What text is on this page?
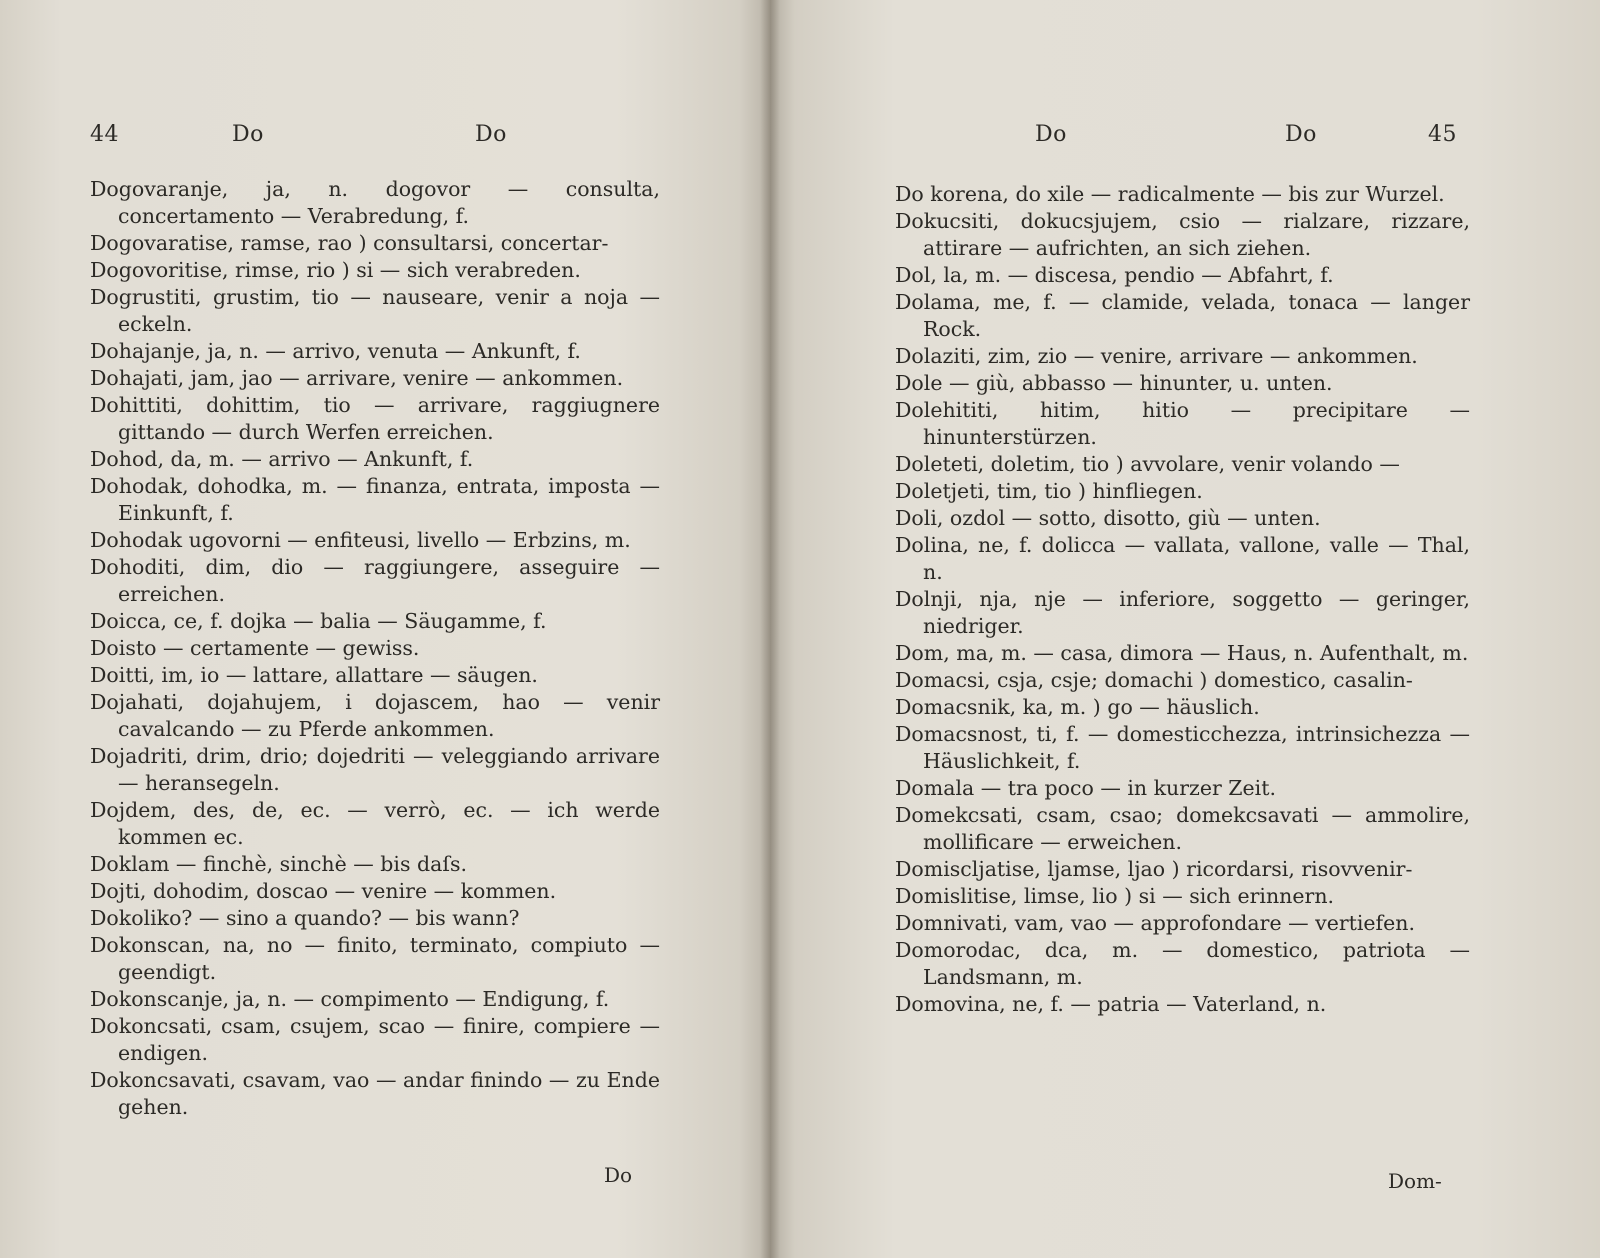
44	Do	Do
Dogovaranje, ja, n. dogovor — consulta, concertamento — Verabredung, f.
Dogovaratise, ramse, rao ) consultarsi, concertar-
Dogovoritise, rimse, rio ) si — sich verabreden.
Dogrustiti, grustim, tio — nauseare, venir a noja — eckeln.
Dohajanje, ja, n. — arrivo, venuta — Ankunft, f.
Dohajati, jam, jao — arrivare, venire — ankommen.
Dohittiti, dohittim, tio — arrivare, raggiugnere gittando — durch Werfen erreichen.
Dohod, da, m. — arrivo — Ankunft, f.
Dohodak, dohodka, m. — finanza, entrata, imposta — Einkunft, f.
Dohodak ugovorni — enfiteusi, livello — Erbzins, m.
Dohoditi, dim, dio — raggiungere, asseguire — erreichen.
Doicca, ce, f. dojka — balia — Säugamme, f.
Doisto — certamente — gewiss.
Doitti, im, io — lattare, allattare — säugen.
Dojahati, dojahujem, i dojascem, hao — venir cavalcando — zu Pferde ankommen.
Dojadriti, drim, drio; dojedriti — veleggiando arrivare — heransegeln.
Dojdem, des, de, ec. — verrò, ec. — ich werde kommen ec.
Doklam — finchè, sinchè — bis daſs.
Dojti, dohodim, doscao — venire — kommen.
Dokoliko? — sino a quando? — bis wann?
Dokonscan, na, no — finito, terminato, compiuto — geendigt.
Dokonscanje, ja, n. — compimento — Endigung, f.
Dokoncsati, csam, csujem, scao — finire, compiere — endigen.
Dokoncsavati, csavam, vao — andar finindo — zu Ende gehen.
Do
Do	Do	45
Do korena, do xile — radicalmente — bis zur Wurzel.
Dokucsiti, dokucsjujem, csio — rialzare, rizzare, attirare — aufrichten, an sich ziehen.
Dol, la, m. — discesa, pendio — Abfahrt, f.
Dolama, me, f. — clamide, velada, tonaca — langer Rock.
Dolaziti, zim, zio — venire, arrivare — ankommen.
Dole — giù, abbasso — hinunter, u. unten.
Dolehititi, hitim, hitio — precipitare — hinunterstürzen.
Doleteti, doletim, tio ) avvolare, venir volando —
Doletjeti, tim, tio ) hinfliegen.
Doli, ozdol — sotto, disotto, giù — unten.
Dolina, ne, f. dolicca — vallata, vallone, valle — Thal, n.
Dolnji, nja, nje — inferiore, soggetto — geringer, niedriger.
Dom, ma, m. — casa, dimora — Haus, n. Aufenthalt, m.
Domacsi, csja, csje; domachi ) domestico, casalin-
Domacsnik, ka, m. ) go — häuslich.
Domacsnost, ti, f. — domesticchezza, intrinsichezza — Häuslichkeit, f.
Domala — tra poco — in kurzer Zeit.
Domekcsati, csam, csao; domekcsavati — ammolire, mollificare — erweichen.
Domiscljatise, ljamse, ljao ) ricordarsi, risovvenir-
Domislitise, limse, lio ) si — sich erinnern.
Domnivati, vam, vao — approfondare — vertiefen.
Domorodac, dca, m. — domestico, patriota — Landsmann, m.
Domovina, ne, f. — patria — Vaterland, n.
Dom-
